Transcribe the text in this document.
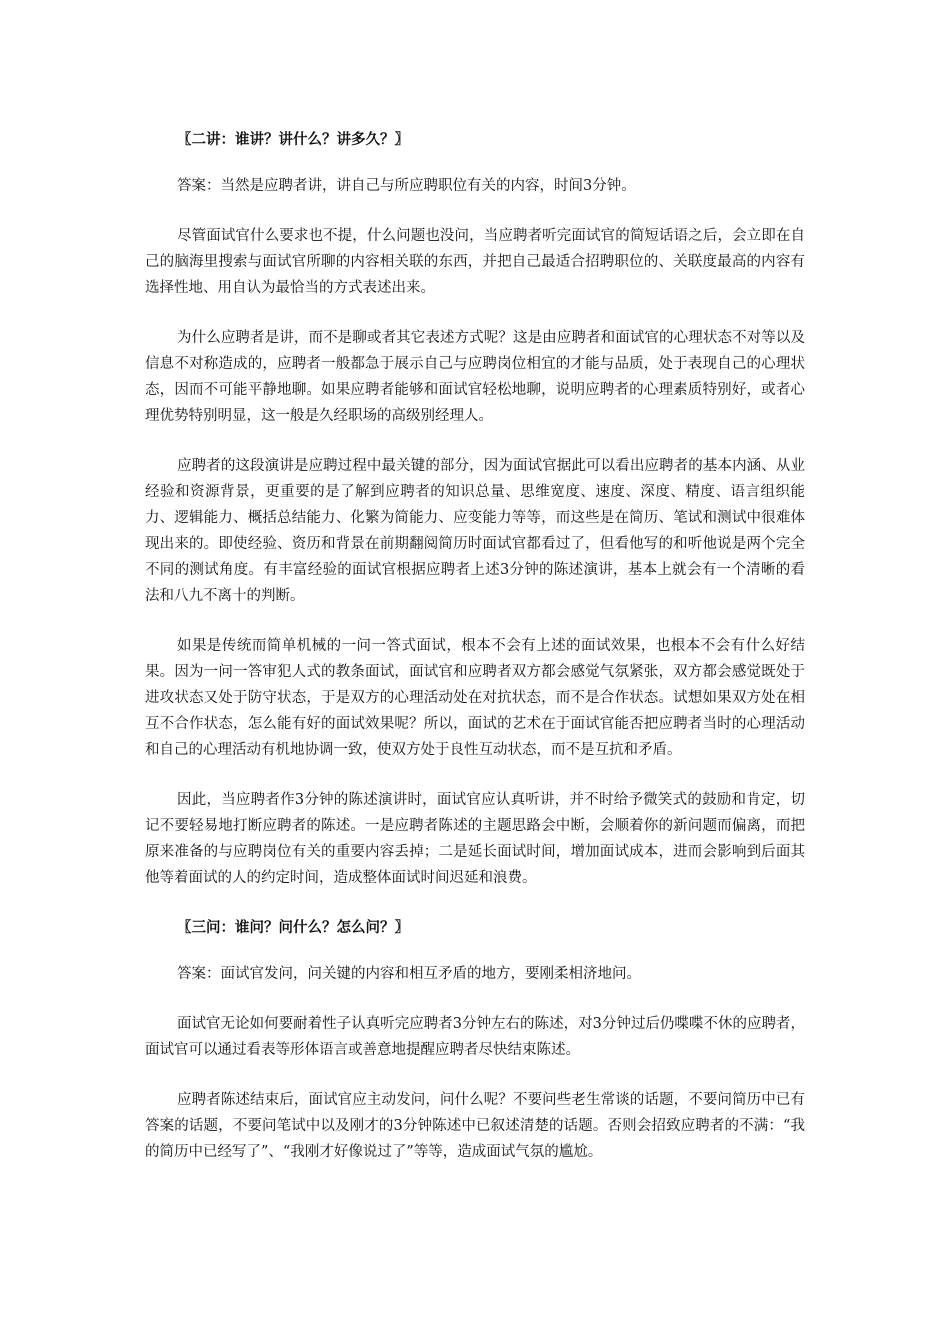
〖二讲：谁讲？讲什么？讲多久？〗

答案：当然是应聘者讲，讲自己与所应聘职位有关的内容，时间3分钟。

尽管面试官什么要求也不提，什么问题也没问，当应聘者听完面试官的简短话语之后，会立即在自己的脑海里搜索与面试官所聊的内容相关联的东西，并把自己最适合招聘职位的、关联度最高的内容有选择性地、用自认为最恰当的方式表述出来。

为什么应聘者是讲，而不是聊或者其它表述方式呢？这是由应聘者和面试官的心理状态不对等以及信息不对称造成的，应聘者一般都急于展示自己与应聘岗位相宜的才能与品质，处于表现自己的心理状态，因而不可能平静地聊。如果应聘者能够和面试官轻松地聊，说明应聘者的心理素质特别好，或者心理优势特别明显，这一般是久经职场的高级别经理人。

应聘者的这段演讲是应聘过程中最关键的部分，因为面试官据此可以看出应聘者的基本内涵、从业经验和资源背景，更重要的是了解到应聘者的知识总量、思维宽度、速度、深度、精度、语言组织能力、逻辑能力、概括总结能力、化繁为简能力、应变能力等等，而这些是在简历、笔试和测试中很难体现出来的。即使经验、资历和背景在前期翻阅简历时面试官都看过了，但看他写的和听他说是两个完全不同的测试角度。有丰富经验的面试官根据应聘者上述3分钟的陈述演讲，基本上就会有一个清晰的看法和八九不离十的判断。

如果是传统而简单机械的一问一答式面试，根本不会有上述的面试效果，也根本不会有什么好结果。因为一问一答审犯人式的教条面试，面试官和应聘者双方都会感觉气氛紧张，双方都会感觉既处于进攻状态又处于防守状态，于是双方的心理活动处在对抗状态，而不是合作状态。试想如果双方处在相互不合作状态，怎么能有好的面试效果呢？所以，面试的艺术在于面试官能否把应聘者当时的心理活动和自己的心理活动有机地协调一致，使双方处于良性互动状态，而不是互抗和矛盾。

因此，当应聘者作3分钟的陈述演讲时，面试官应认真听讲，并不时给予微笑式的鼓励和肯定，切记不要轻易地打断应聘者的陈述。一是应聘者陈述的主题思路会中断，会顺着你的新问题而偏离，而把原来准备的与应聘岗位有关的重要内容丢掉；二是延长面试时间，增加面试成本，进而会影响到后面其他等着面试的人的约定时间，造成整体面试时间迟延和浪费。

〖三问：谁问？问什么？怎么问？〗

答案：面试官发问，问关键的内容和相互矛盾的地方，要刚柔相济地问。

面试官无论如何要耐着性子认真听完应聘者3分钟左右的陈述，对3分钟过后仍喋喋不休的应聘者，面试官可以通过看表等形体语言或善意地提醒应聘者尽快结束陈述。

应聘者陈述结束后，面试官应主动发问，问什么呢？不要问些老生常谈的话题，不要问简历中已有答案的话题，不要问笔试中以及刚才的3分钟陈述中已叙述清楚的话题。否则会招致应聘者的不满：“我的简历中已经写了”、“我刚才好像说过了”等等，造成面试气氛的尴尬。
